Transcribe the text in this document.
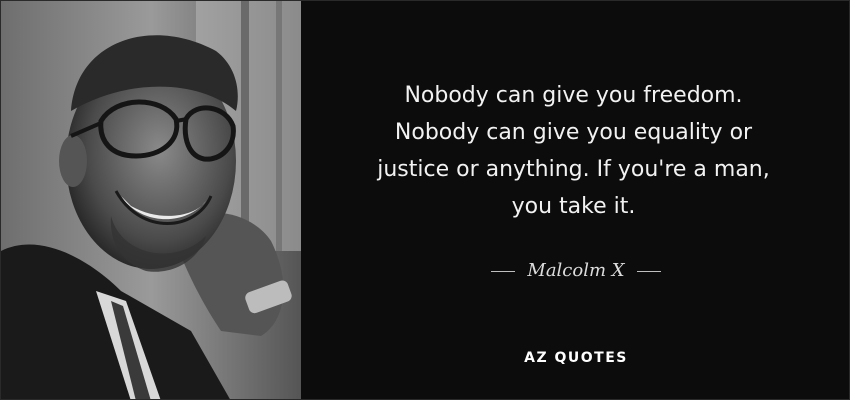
Nobody can give you freedom.
Nobody can give you equality or
justice or anything. If you're a man,
you take it.

Malcolm X
AZ QUOTES
